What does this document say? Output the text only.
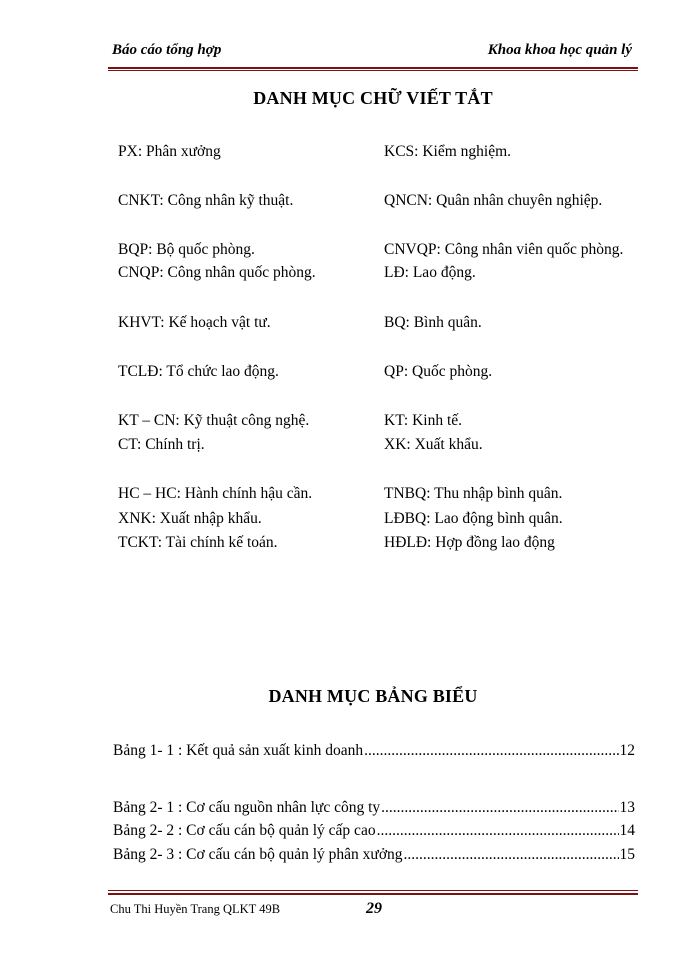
Báo cáo tổng hợp	Khoa khoa học quản lý
DANH MỤC CHỮ VIẾT TẮT
PX: Phân xưởng	KCS: Kiểm nghiệm.
CNKT: Công nhân kỹ thuật.	QNCN: Quân nhân chuyên nghiệp.
BQP: Bộ quốc phòng.	CNVQP: Công nhân viên quốc phòng.
CNQP: Công nhân quốc phòng.	LĐ: Lao động.
KHVT: Kế hoạch vật tư.	BQ: Bình quân.
TCLĐ: Tổ chức lao động.	QP: Quốc phòng.
KT – CN: Kỹ thuật công nghệ.	KT: Kinh tế.
CT: Chính trị.	XK: Xuất khẩu.
HC – HC: Hành chính hậu cần.	TNBQ: Thu nhập bình quân.
XNK: Xuất nhập khẩu.	LĐBQ: Lao động bình quân.
TCKT: Tài chính kế toán.	HĐLĐ: Hợp đồng lao động
DANH MỤC BẢNG BIỂU
Bảng 1- 1 : Kết quả sản xuất kinh doanh .....	12
Bảng 2- 1 : Cơ cấu nguồn nhân lực công ty .....	13
Bảng 2- 2 : Cơ cấu cán bộ quản lý cấp cao .....	14
Bảng 2- 3 : Cơ cấu cán bộ quản lý phân xưởng .....	15
Chu Thi Huyền Trang QLKT 49B	29
